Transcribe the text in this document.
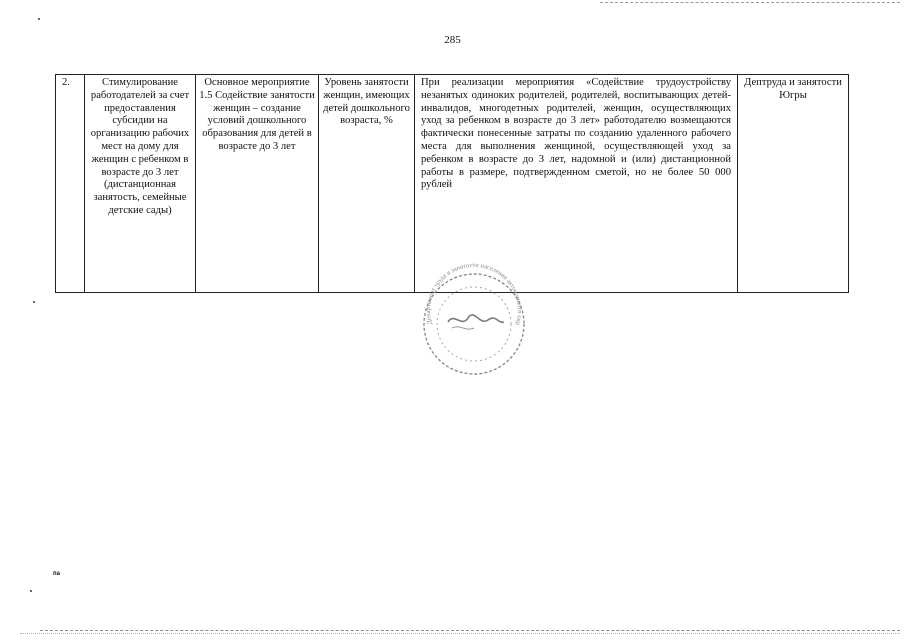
285
2.	Стимулирование работодателей за счет предоставления субсидии на организацию рабочих мест на дому для женщин с ребенком в возрасте до 3 лет (дистанционная занятость, семейные детские сады)	Основное мероприятие 1.5 Содействие занятости женщин – создание условий дошкольного образования для детей в возрасте до 3 лет	Уровень занятости женщин, имеющих детей дошкольного возраста, %	При реализации мероприятия «Содействие трудоустройству незанятых одиноких родителей, родителей, воспитывающих детей-инвалидов, многодетных родителей, женщин, осуществляющих уход за ребенком в возрасте до 3 лет» работодателю возмещаются фактически понесенные затраты по созданию удаленного рабочего места для выполнения женщиной, осуществляющей уход за ребенком в возрасте до 3 лет, надомной и (или) дистанционной работы в размере, подтвержденном сметой, но не более 50 000 рублей	Дептруда и занятости Югры
Департамент труда и занятости населения автономного окр
па
